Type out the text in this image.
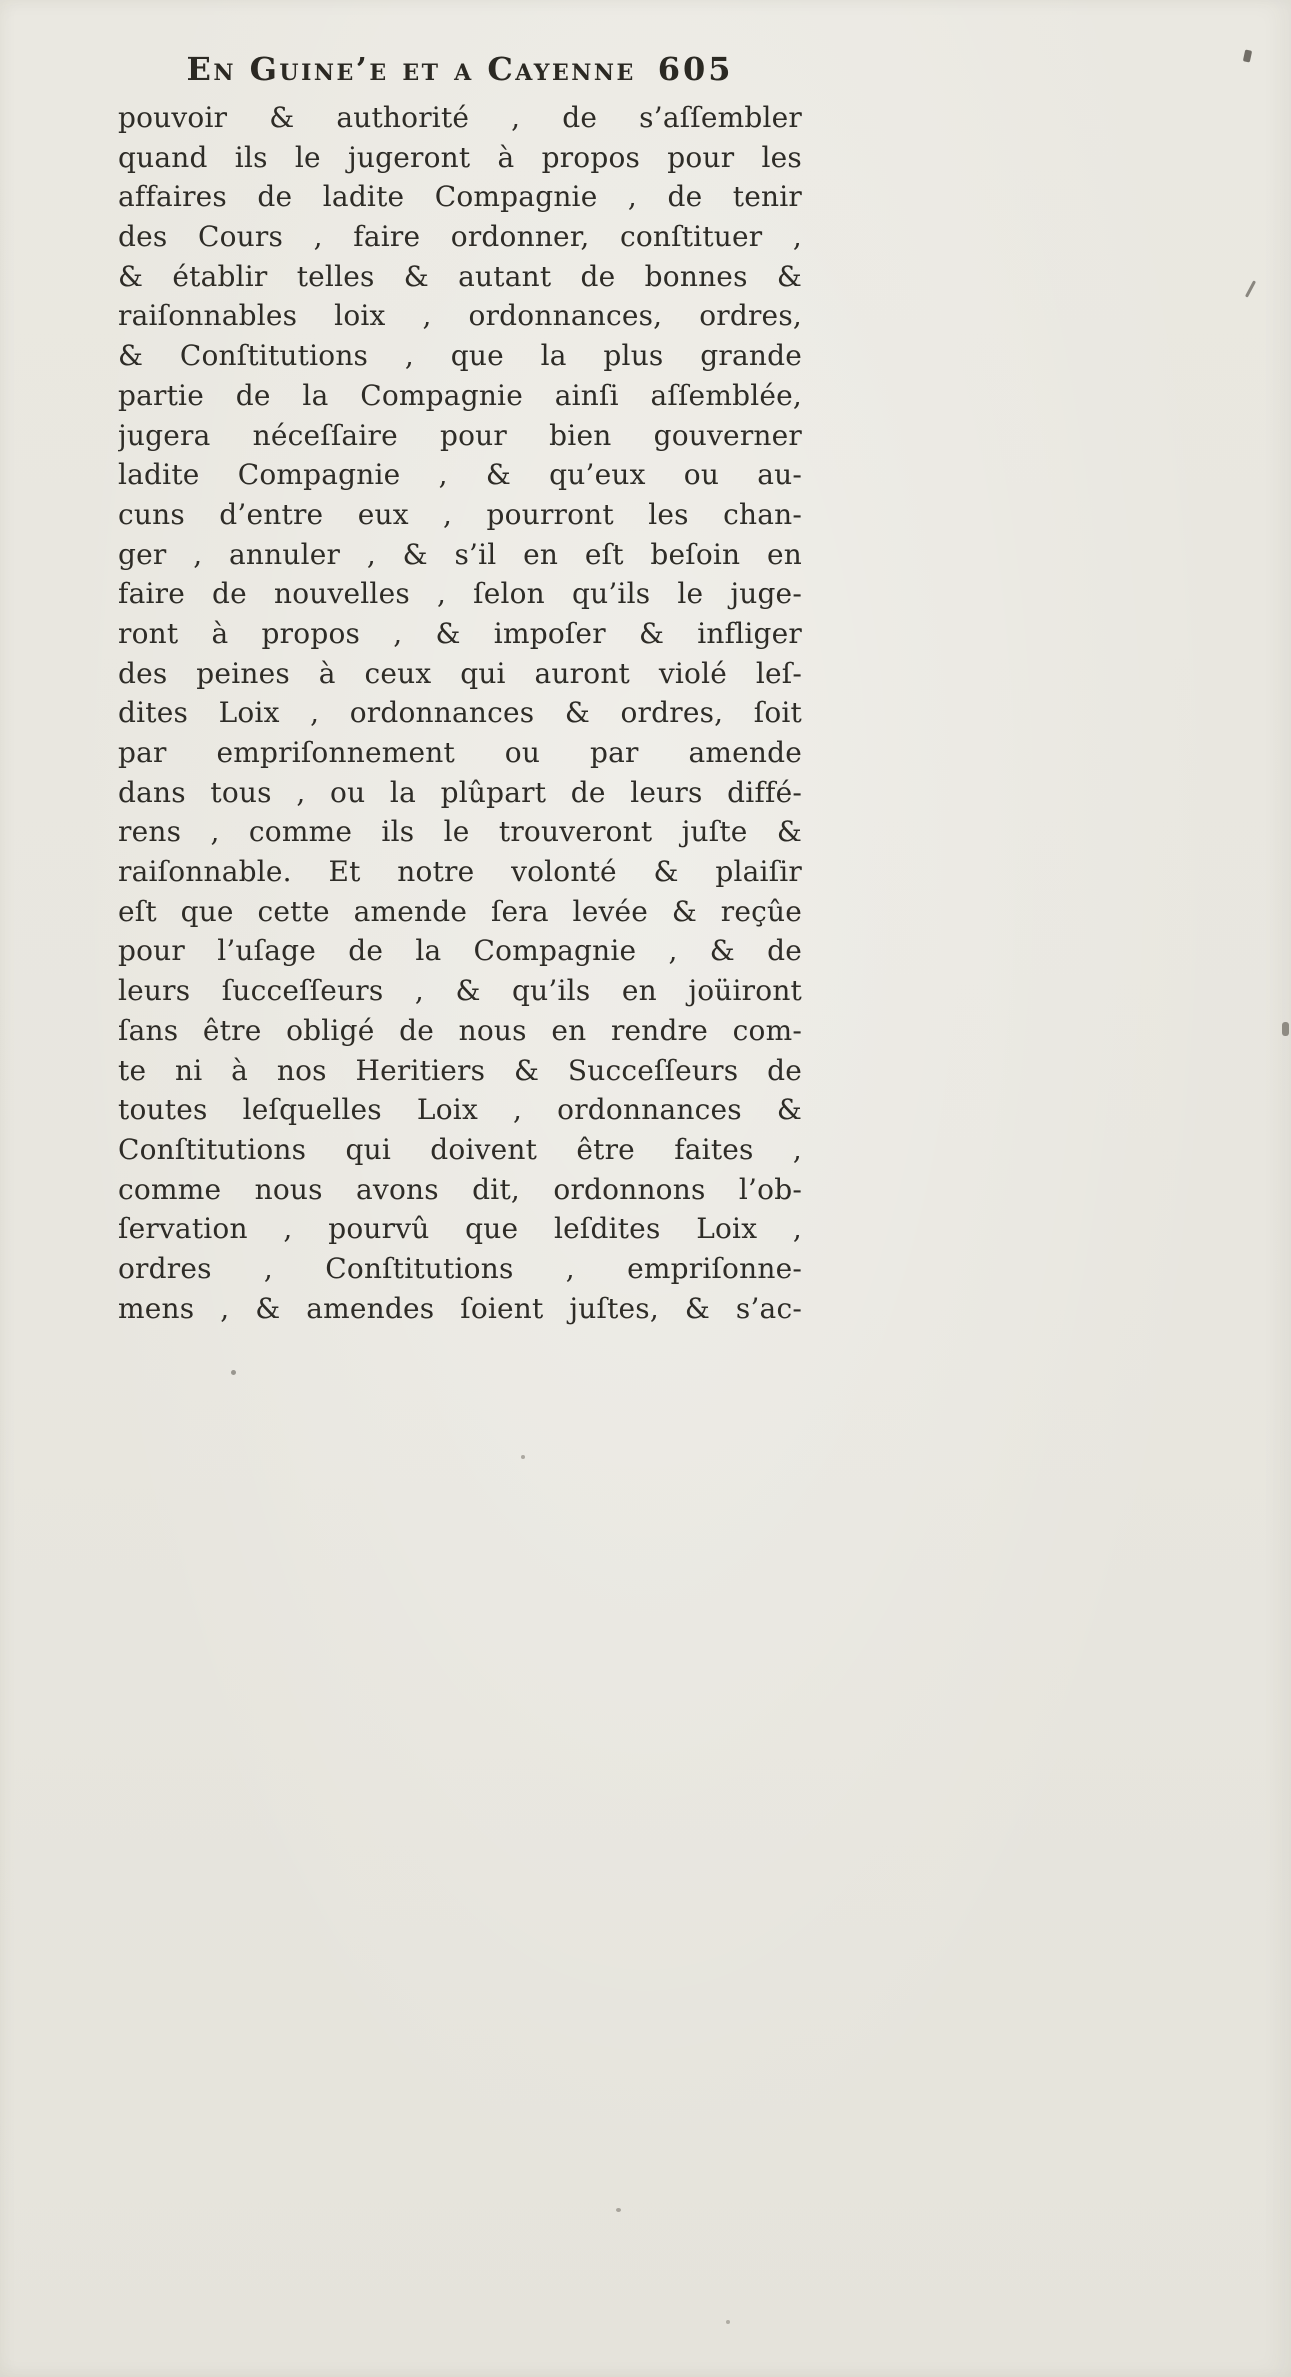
En Guine’e et a Cayenne 605
pouvoir & authorité , de s’aſſembler
quand ils le jugeront à propos pour les
affaires de ladite Compagnie , de tenir
des Cours , faire ordonner, conſtituer ,
& établir telles & autant de bonnes &
raiſonnables loix , ordonnances, ordres,
& Conſtitutions , que la plus grande
partie de la Compagnie ainſi aſſemblée,
jugera néceſſaire pour bien gouverner
ladite Compagnie , & qu’eux ou au-
cuns d’entre eux , pourront les chan-
ger , annuler , & s’il en eſt beſoin en
faire de nouvelles , ſelon qu’ils le juge-
ront à propos , & impoſer & infliger
des peines à ceux qui auront violé leſ-
dites Loix , ordonnances & ordres, ſoit
par empriſonnement ou par amende
dans tous , ou la plûpart de leurs diffé-
rens , comme ils le trouveront juſte &
raiſonnable. Et notre volonté & plaiſir
eſt que cette amende ſera levée & reçûe
pour l’uſage de la Compagnie , & de
leurs ſucceſſeurs , & qu’ils en joüiront
ſans être obligé de nous en rendre com-
te ni à nos Heritiers & Succeſſeurs de
toutes leſquelles Loix , ordonnances &
Conſtitutions qui doivent être faites ,
comme nous avons dit, ordonnons l’ob-
ſervation , pourvû que leſdites Loix ,
ordres , Conſtitutions , empriſonne-
mens , & amendes ſoient juſtes, & s’ac-
